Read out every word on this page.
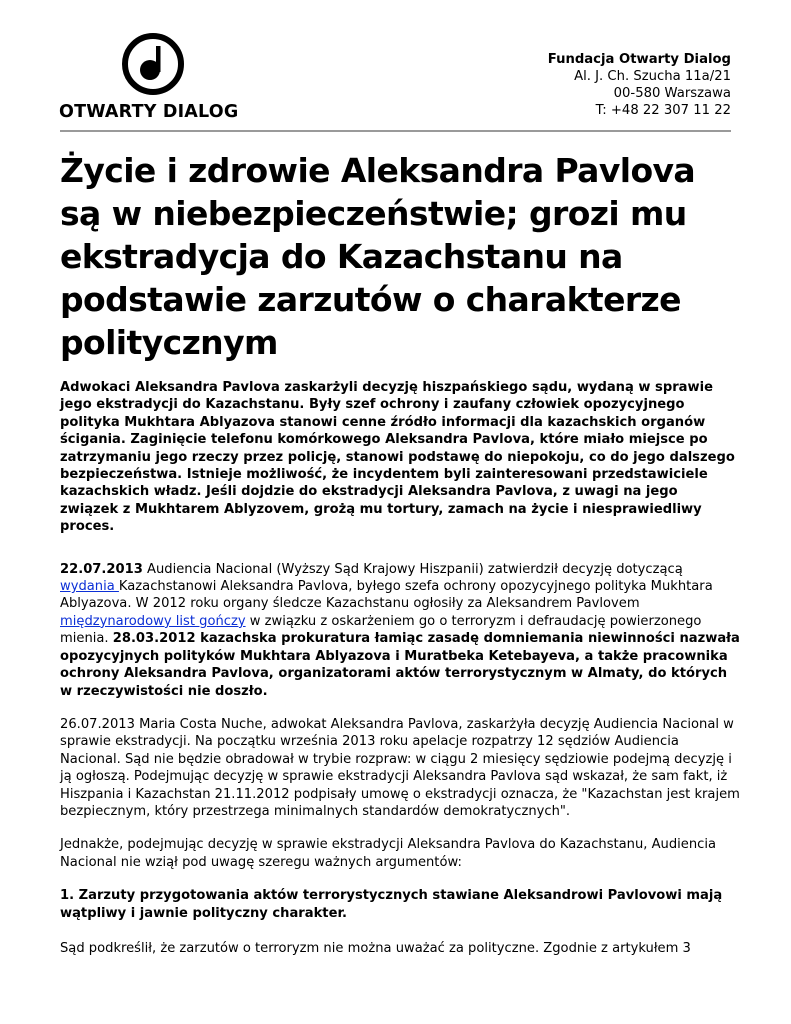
OTWARTY DIALOG
Fundacja Otwarty Dialog
Al. J. Ch. Szucha 11a/21
00-580 Warszawa
T: +48 22 307 11 22
Życie i zdrowie Aleksandra Pavlova są w niebezpieczeństwie; grozi mu ekstradycja do Kazachstanu na podstawie zarzutów o charakterze politycznym

Adwokaci Aleksandra Pavlova zaskarżyli decyzję hiszpańskiego sądu, wydaną w sprawie jego ekstradycji do Kazachstanu. Były szef ochrony i zaufany człowiek opozycyjnego polityka Mukhtara Ablyazova stanowi cenne źródło informacji dla kazachskich organów ścigania. Zaginięcie telefonu komórkowego Aleksandra Pavlova, które miało miejsce po zatrzymaniu jego rzeczy przez policję, stanowi podstawę do niepokoju, co do jego dalszego bezpieczeństwa. Istnieje możliwość, że incydentem byli zainteresowani przedstawiciele kazachskich władz. Jeśli dojdzie do ekstradycji Aleksandra Pavlova, z uwagi na jego związek z Mukhtarem Ablyzovem, grożą mu tortury, zamach na życie i niesprawiedliwy proces.

22.07.2013 Audiencia Nacional (Wyższy Sąd Krajowy Hiszpanii) zatwierdził decyzję dotyczącą wydania Kazachstanowi Aleksandra Pavlova, byłego szefa ochrony opozycyjnego polityka Mukhtara Ablyazova. W 2012 roku organy śledcze Kazachstanu ogłosiły za Aleksandrem Pavlovem międzynarodowy list gończy w związku z oskarżeniem go o terroryzm i defraudację powierzonego mienia. 28.03.2012 kazachska prokuratura łamiąc zasadę domniemania niewinności nazwała opozycyjnych polityków Mukhtara Ablyazova i Muratbeka Ketebayeva, a także pracownika ochrony Aleksandra Pavlova, organizatorami aktów terrorystycznym w Almaty, do których w rzeczywistości nie doszło.

26.07.2013 Maria Costa Nuche, adwokat Aleksandra Pavlova, zaskarżyła decyzję Audiencia Nacional w sprawie ekstradycji. Na początku września 2013 roku apelacje rozpatrzy 12 sędziów Audiencia Nacional. Sąd nie będzie obradował w trybie rozpraw: w ciągu 2 miesięcy sędziowie podejmą decyzję i ją ogłoszą. Podejmując decyzję w sprawie ekstradycji Aleksandra Pavlova sąd wskazał, że sam fakt, iż Hiszpania i Kazachstan 21.11.2012 podpisały umowę o ekstradycji oznacza, że "Kazachstan jest krajem bezpiecznym, który przestrzega minimalnych standardów demokratycznych".

Jednakże, podejmując decyzję w sprawie ekstradycji Aleksandra Pavlova do Kazachstanu, Audiencia Nacional nie wziął pod uwagę szeregu ważnych argumentów:

1. Zarzuty przygotowania aktów terrorystycznych stawiane Aleksandrowi Pavlovowi mają wątpliwy i jawnie polityczny charakter.

Sąd podkreślił, że zarzutów o terroryzm nie można uważać za polityczne. Zgodnie z artykułem 3
